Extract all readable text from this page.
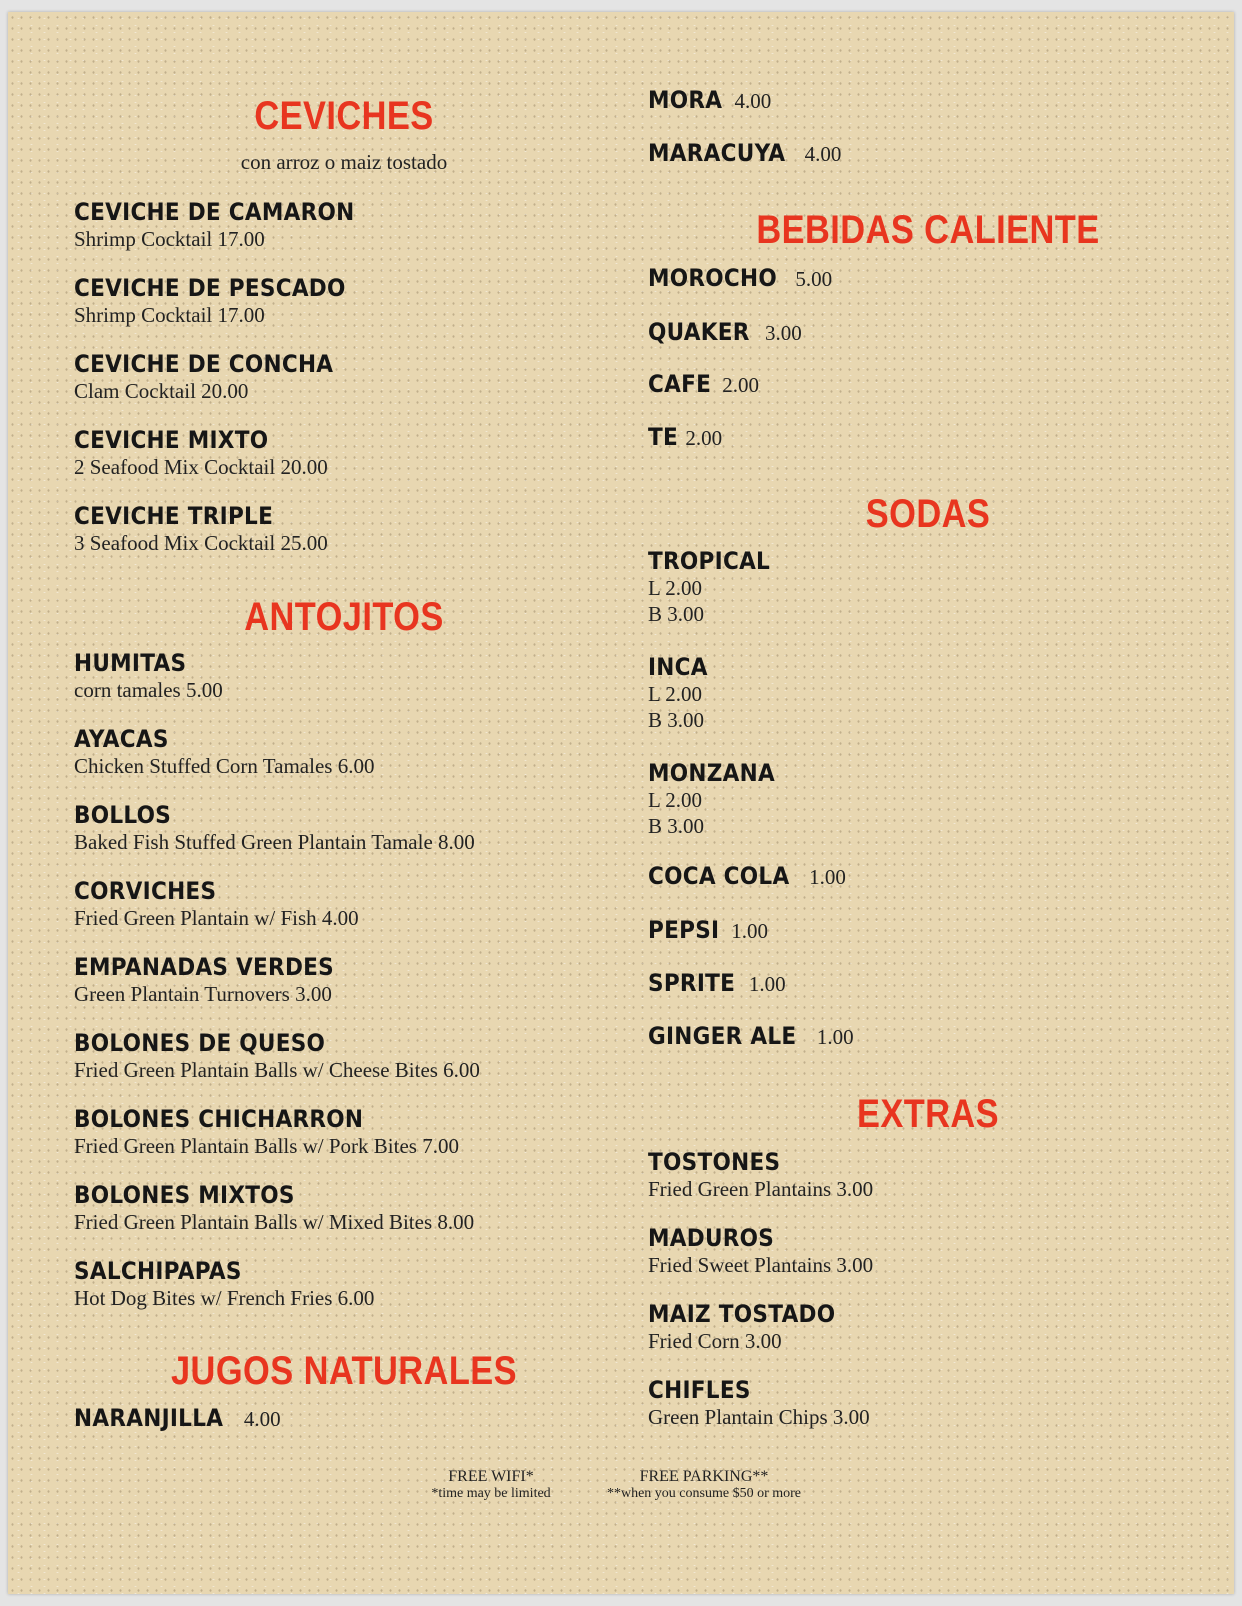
CEVICHES
con arroz o maiz tostado
CEVICHE DE CAMARON
Shrimp Cocktail 17.00
CEVICHE DE PESCADO
Shrimp Cocktail 17.00
CEVICHE DE CONCHA
Clam Cocktail 20.00
CEVICHE MIXTO
2 Seafood Mix Cocktail 20.00
CEVICHE TRIPLE
3 Seafood Mix Cocktail 25.00
ANTOJITOS
HUMITAS
corn tamales 5.00
AYACAS
Chicken Stuffed Corn Tamales 6.00
BOLLOS
Baked Fish Stuffed Green Plantain Tamale 8.00
CORVICHES
Fried Green Plantain w/ Fish 4.00
EMPANADAS VERDES
Green Plantain Turnovers 3.00
BOLONES DE QUESO
Fried Green Plantain Balls w/ Cheese Bites 6.00
BOLONES CHICHARRON
Fried Green Plantain Balls w/ Pork Bites 7.00
BOLONES MIXTOS
Fried Green Plantain Balls w/ Mixed Bites 8.00
SALCHIPAPAS
Hot Dog Bites w/ French Fries 6.00
JUGOS NATURALES
NARANJILLA 4.00
MORA 4.00
MARACUYA 4.00
BEBIDAS CALIENTE
MOROCHO 5.00
QUAKER 3.00
CAFE 2.00
TE 2.00
SODAS
TROPICAL
L 2.00
B 3.00
INCA
L 2.00
B 3.00
MONZANA
L 2.00
B 3.00
COCA COLA 1.00
PEPSI 1.00
SPRITE 1.00
GINGER ALE 1.00
EXTRAS
TOSTONES
Fried Green Plantains 3.00
MADUROS
Fried Sweet Plantains 3.00
MAIZ TOSTADO
Fried Corn 3.00
CHIFLES
Green Plantain Chips 3.00
FREE WIFI*
*time may be limited
FREE PARKING**
**when you consume $50 or more
